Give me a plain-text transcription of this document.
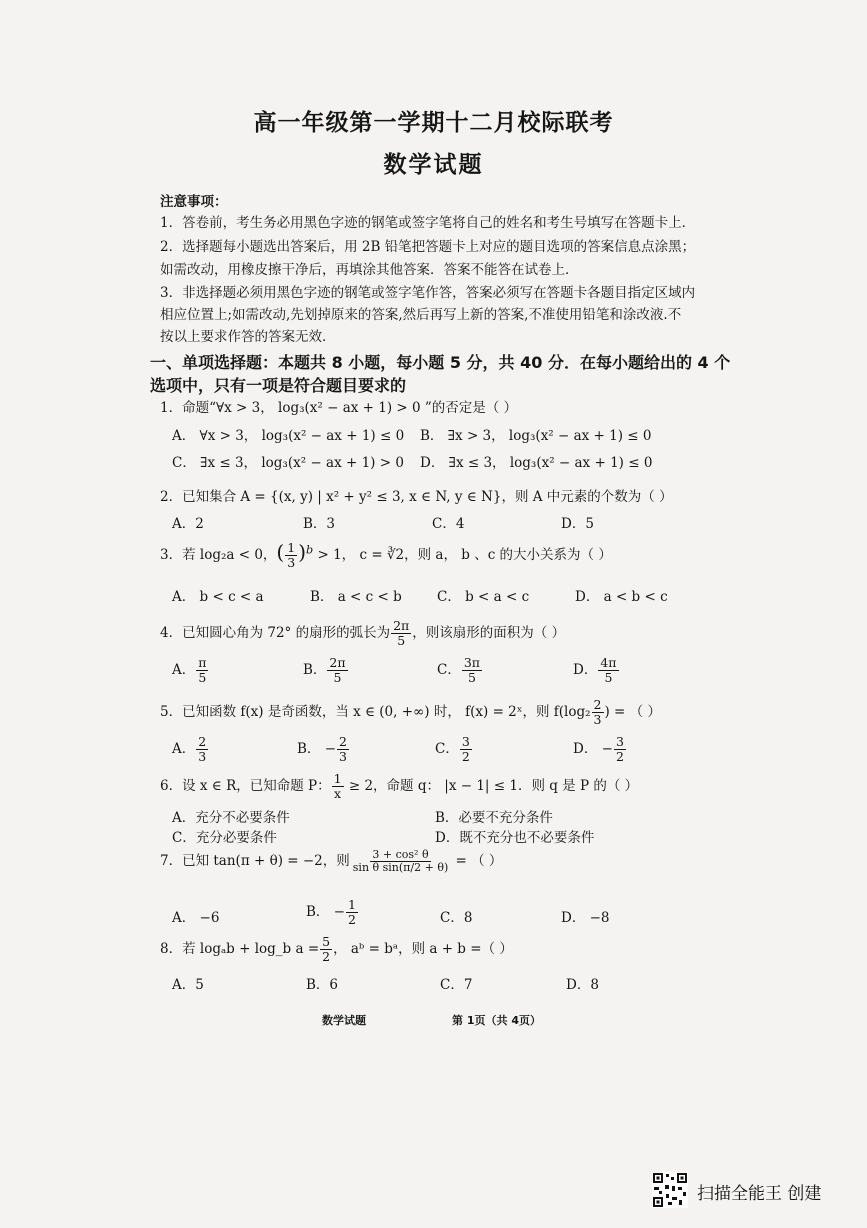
高一年级第一学期十二月校际联考
数学试题
注意事项：
1．答卷前，考生务必用黑色字迹的钢笔或签字笔将自己的姓名和考生号填写在答题卡上．
2．选择题每小题选出答案后，用 2B 铅笔把答题卡上对应的题目选项的答案信息点涂黑；
如需改动，用橡皮擦干净后，再填涂其他答案．答案不能答在试卷上．
3．非选择题必须用黑色字迹的钢笔或签字笔作答，答案必须写在答题卡各题目指定区域内
相应位置上;如需改动,先划掉原来的答案,然后再写上新的答案,不准使用铅笔和涂改液.不
按以上要求作答的答案无效．
一、单项选择题：本题共 8 小题，每小题 5 分，共 40 分．在每小题给出的 4 个
选项中，只有一项是符合题目要求的
1．命题“∀x > 3， log₃(x² − ax + 1) > 0 ”的否定是（ ）
A． ∀x > 3， log₃(x² − ax + 1) ≤ 0 B． ∃x > 3， log₃(x² − ax + 1) ≤ 0
C． ∃x ≤ 3， log₃(x² − ax + 1) > 0 D． ∃x ≤ 3， log₃(x² − ax + 1) ≤ 0
2．已知集合 A = {(x, y) | x² + y² ≤ 3, x ∈ N, y ∈ N}，则 A 中元素的个数为（ ）
A．2	B．3	C．4	D．5
3．若 log₂a < 0，( $\frac{1}{3} )^b > 1$， c = ∛2，则 a， b 、c 的大小关系为（ ）
A． b < c < a	B． a < c < b	C． b < a < c	D． a < b < c
4．已知圆心角为 72° 的扇形的弧长为 $\frac{2\pi}{5}$ ，则该扇形的面积为（ ）
A． $\frac{\pi}{5}$	B． $\frac{2\pi}{5}$	C． $\frac{3\pi}{5}$	D． $\frac{4\pi}{5}$
5．已知函数 f(x) 是奇函数，当 x ∈ (0, +∞) 时， f(x) = 2ˣ，则 $f(\log_2 \frac{2}{3}$ ) = （ ）
A． $\frac{2}{3}$	B． − $\frac{2}{3}$	C． $\frac{3}{2}$	D． − $\frac{3}{2}$
6．设 x ∈ R，已知命题 P： $\frac{1}{x} \ge 2$，命题 q： |x − 1| ≤ 1．则 q 是 P 的（ ）
A．充分不必要条件	B．必要不充分条件
C．充分必要条件	D．既不充分也不必要条件
7．已知 tan(π + θ) = −2，则 $\frac{\text{3 + cos² θ}}{\text{sin θ sin(π/2 + θ)}}$ = （ ）
A． −6	B． − $\frac{1}{2}$	C．8	D． −8
8．若 logₐb + log_b $a = \frac{5}{2}$ ， aᵇ = bᵃ，则 a + b =（ ）
A．5	B．6	C．7	D．8
数学试题	第 1页（共 4页）
扫描全能王 创建
